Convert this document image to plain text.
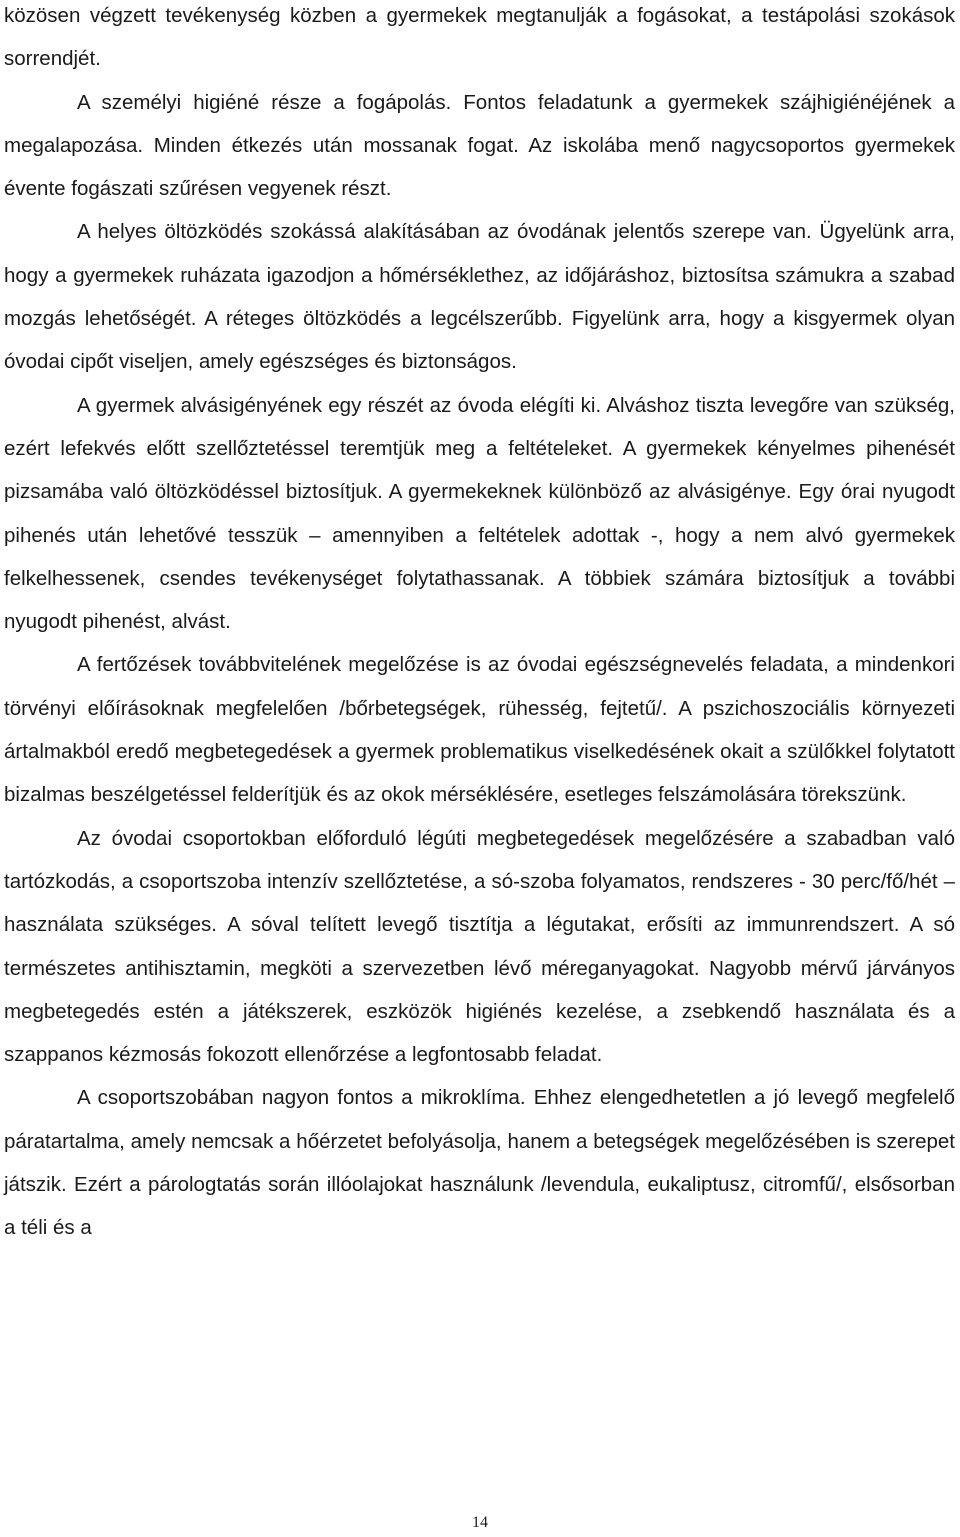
közösen végzett tevékenység közben a gyermekek megtanulják a fogásokat, a testápolási szokások sorrendjét.

A személyi higiéné része a fogápolás. Fontos feladatunk a gyermekek szájhigiénéjének a megalapozása. Minden étkezés után mossanak fogat. Az iskolába menő nagycsoportos gyermekek évente fogászati szűrésen vegyenek részt.

A helyes öltözködés szokássá alakításában az óvodának jelentős szerepe van. Ügyelünk arra, hogy a gyermekek ruházata igazodjon a hőmérséklethez, az időjáráshoz, biztosítsa számukra a szabad mozgás lehetőségét. A réteges öltözködés a legcélszerűbb. Figyelünk arra, hogy a kisgyermek olyan óvodai cipőt viseljen, amely egészséges és biztonságos.

A gyermek alvásigényének egy részét az óvoda elégíti ki. Alváshoz tiszta levegőre van szükség, ezért lefekvés előtt szellőztetéssel teremtjük meg a feltételeket. A gyermekek kényelmes pihenését pizsamába való öltözködéssel biztosítjuk. A gyermekeknek különböző az alvásigénye. Egy órai nyugodt pihenés után lehetővé tesszük – amennyiben a feltételek adottak -, hogy a nem alvó gyermekek felkelhessenek, csendes tevékenységet folytathassanak. A többiek számára biztosítjuk a további nyugodt pihenést, alvást.

A fertőzések továbbvitelének megelőzése is az óvodai egészségnevelés feladata, a mindenkori törvényi előírásoknak megfelelően /bőrbetegségek, rühesség, fejtetű/. A pszichoszociális környezeti ártalmakból eredő megbetegedések a gyermek problematikus viselkedésének okait a szülőkkel folytatott bizalmas beszélgetéssel felderítjük és az okok mérséklésére, esetleges felszámolására törekszünk.

Az óvodai csoportokban előforduló légúti megbetegedések megelőzésére a szabadban való tartózkodás, a csoportszoba intenzív szellőztetése, a só-szoba folyamatos, rendszeres - 30 perc/fő/hét – használata szükséges. A sóval telített levegő tisztítja a légutakat, erősíti az immunrendszert. A só természetes antihisztamin, megköti a szervezetben lévő méreganyagokat. Nagyobb mérvű járványos megbetegedés estén a játékszerek, eszközök higiénés kezelése, a zsebkendő használata és a szappanos kézmosás fokozott ellenőrzése a legfontosabb feladat.

A csoportszobában nagyon fontos a mikroklíma. Ehhez elengedhetetlen a jó levegő megfelelő páratartalma, amely nemcsak a hőérzetet befolyásolja, hanem a betegségek megelőzésében is szerepet játszik. Ezért a párologtatás során illóolajokat használunk /levendula, eukaliptusz, citromfű/, elsősorban a téli és a

14
